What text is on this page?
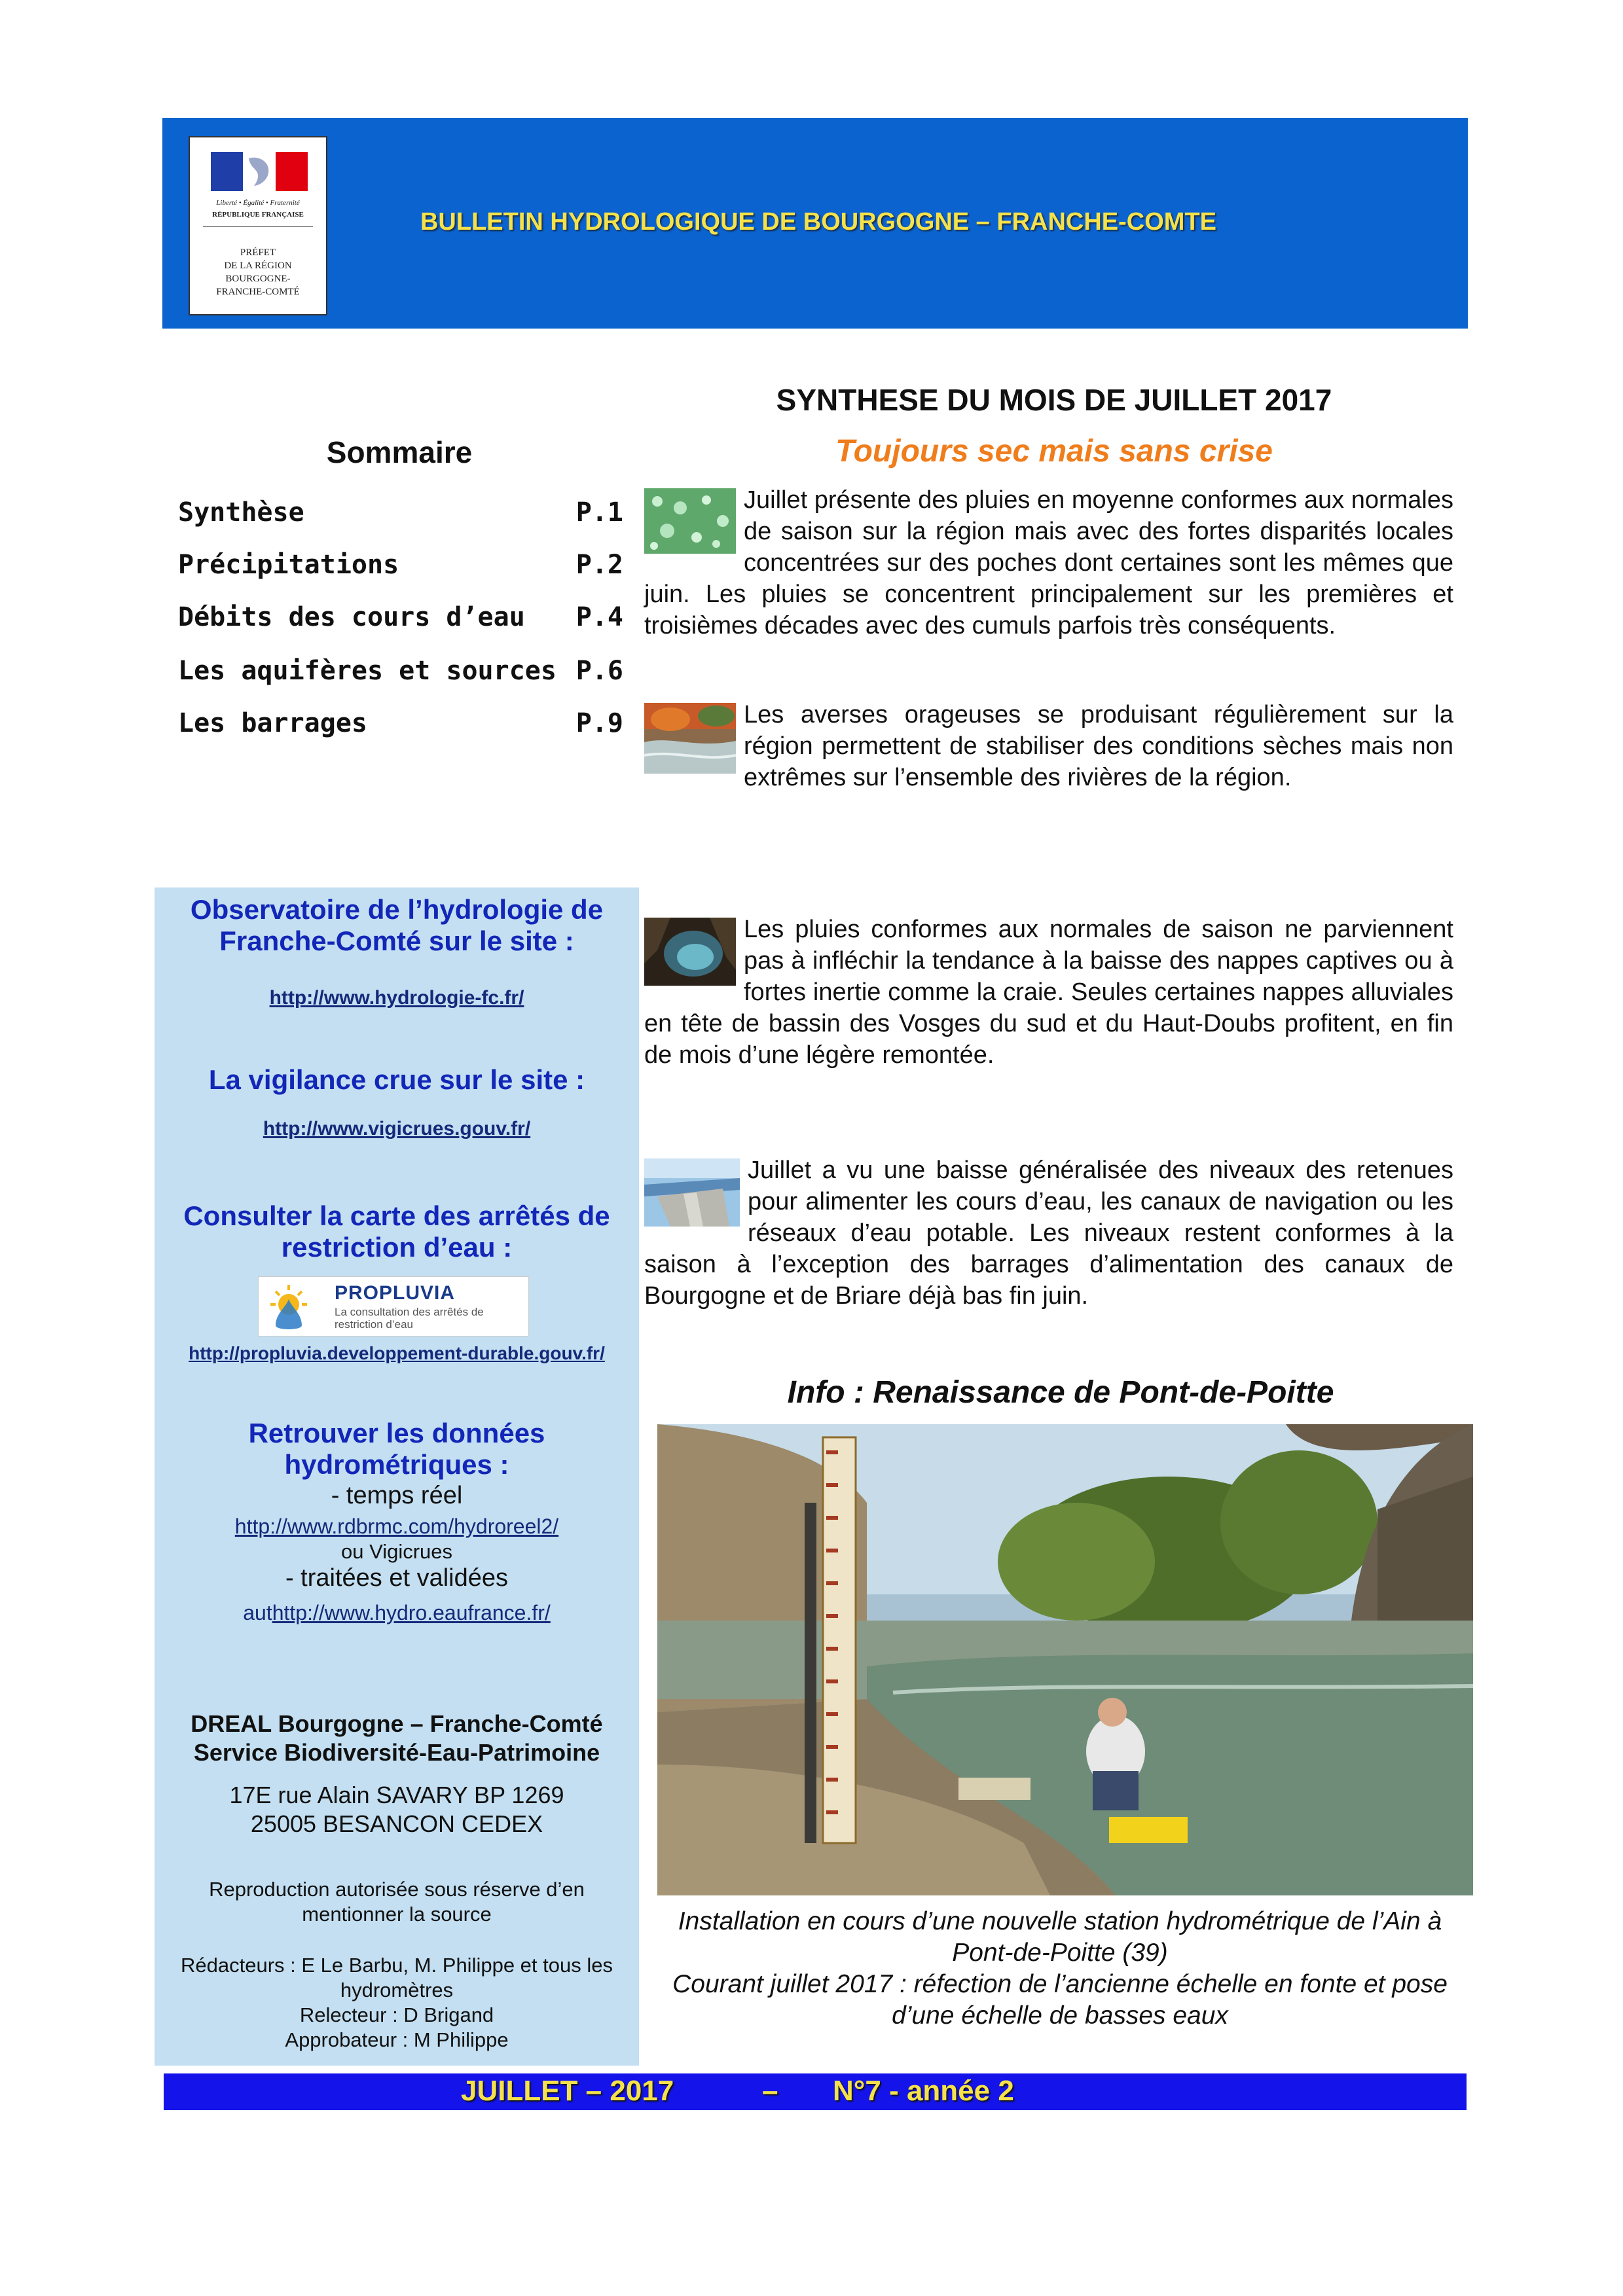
Liberté • Égalité • Fraternité
RÉPUBLIQUE FRANÇAISE
PRÉFET
DE LA RÉGION
BOURGOGNE-
FRANCHE-COMTÉ
BULLETIN HYDROLOGIQUE DE BOURGOGNE – FRANCHE-COMTE
Sommaire
Synthèse	P.1
Précipitations	P.2
Débits des cours d’eau P.4
Les aquifères et sources P.6
Les barrages	P.9
SYNTHESE DU MOIS DE JUILLET 2017
Toujours sec mais sans crise
Juillet présente des pluies en moyenne conformes aux normales de saison sur la région mais avec des fortes disparités locales concentrées sur des poches dont certaines sont les mêmes que juin. Les pluies se concentrent principalement sur les premières et troisièmes décades avec des cumuls parfois très conséquents.
Les averses orageuses se produisant régulièrement sur la région permettent de stabiliser des conditions sèches mais non extrêmes sur l’ensemble des rivières de la région.
Les pluies conformes aux normales de saison ne parviennent pas à infléchir la tendance à la baisse des nappes captives ou à fortes inertie comme la craie. Seules certaines nappes alluviales en tête de bassin des Vosges du sud et du Haut-Doubs profitent, en fin de mois d’une légère remontée.
Juillet a vu une baisse généralisée des niveaux des retenues pour alimenter les cours d’eau, les canaux de navigation ou les réseaux d’eau potable. Les niveaux restent conformes à la saison à l’exception des barrages d’alimentation des canaux de Bourgogne et de Briare déjà bas fin juin.
Observatoire de l’hydrologie de Franche-Comté sur le site :
http://www.hydrologie-fc.fr/
La vigilance crue sur le site :
http://www.vigicrues.gouv.fr/
Consulter la carte des arrêtés de restriction d’eau :
PROPLUVIA
La consultation des arrêtés de restriction d’eau
http://propluvia.developpement-durable.gouv.fr/
Retrouver les données hydrométriques :
- temps réel
http://www.rdbrmc.com/hydroreel2/
ou Vigicrues
- traitées et validées
authttp://www.hydro.eaufrance.fr/
DREAL Bourgogne – Franche-Comté
Service Biodiversité-Eau-Patrimoine
17E rue Alain SAVARY BP 1269
25005 BESANCON CEDEX
Reproduction autorisée sous réserve d’en mentionner la source
Rédacteurs : E Le Barbu, M. Philippe et tous les hydromètres
Relecteur : D Brigand
Approbateur : M Philippe
Info : Renaissance de Pont-de-Poitte
Installation en cours d’une nouvelle station hydrométrique de l’Ain à Pont-de-Poitte (39)
Courant juillet 2017 : réfection de l’ancienne échelle en fonte et pose d’une échelle de basses eaux
JUILLET – 2017	– N°7 - année 2
